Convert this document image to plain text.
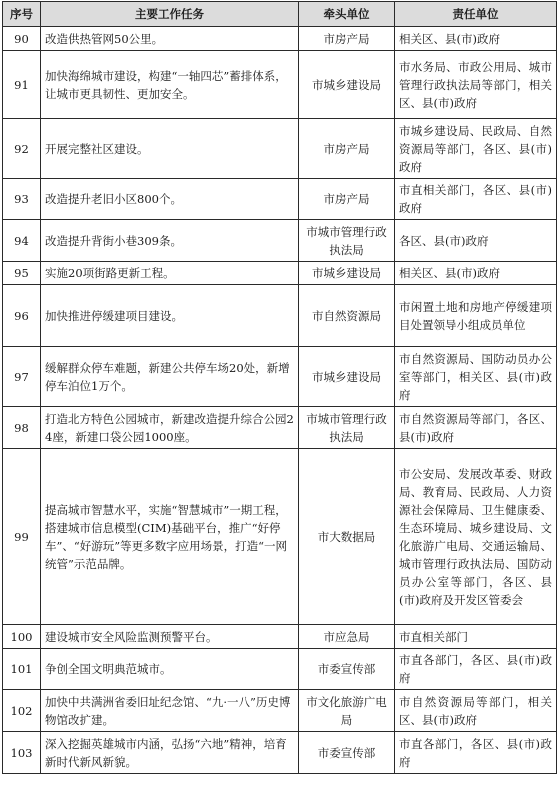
序号	主要工作任务	牵头单位	责任单位
90	改造供热管网50公里。	市房产局	相关区、县(市)政府
91	加快海绵城市建设，构建“一轴四芯”蓄排体系，让城市更具韧性、更加安全。	市城乡建设局	市水务局、市政公用局、城市管理行政执法局等部门，相关区、县(市)政府
92	开展完整社区建设。	市房产局	市城乡建设局、民政局、自然资源局等部门，各区、县(市)政府
93	改造提升老旧小区800个。	市房产局	市直相关部门，各区、县(市)政府
94	改造提升背街小巷309条。	市城市管理行政执法局	各区、县(市)政府
95	实施20项街路更新工程。	市城乡建设局	相关区、县(市)政府
96	加快推进停缓建项目建设。	市自然资源局	市闲置土地和房地产停缓建项目处置领导小组成员单位
97	缓解群众停车难题，新建公共停车场20处，新增停车泊位1万个。	市城乡建设局	市自然资源局、国防动员办公室等部门，相关区、县(市)政府
98	打造北方特色公园城市，新建改造提升综合公园24座，新建口袋公园1000座。	市城市管理行政执法局	市自然资源局等部门，各区、县(市)政府
99	提高城市智慧水平，实施“智慧城市”一期工程，搭建城市信息模型(CIM)基础平台，推广“好停车”、“好游玩”等更多数字应用场景，打造“一网统管”示范品牌。	市大数据局	市公安局、发展改革委、财政局、教育局、民政局、人力资源社会保障局、卫生健康委、生态环境局、城乡建设局、文化旅游广电局、交通运输局、城市管理行政执法局、国防动员办公室等部门，各区、县(市)政府及开发区管委会
100	建设城市安全风险监测预警平台。	市应急局	市直相关部门
101	争创全国文明典范城市。	市委宣传部	市直各部门，各区、县(市)政府
102	加快中共满洲省委旧址纪念馆、“九·一八”历史博物馆改扩建。	市文化旅游广电局	市自然资源局等部门，相关区、县(市)政府
103	深入挖掘英雄城市内涵，弘扬“六地”精神，培育新时代新风新貌。	市委宣传部	市直各部门，各区、县(市)政府
